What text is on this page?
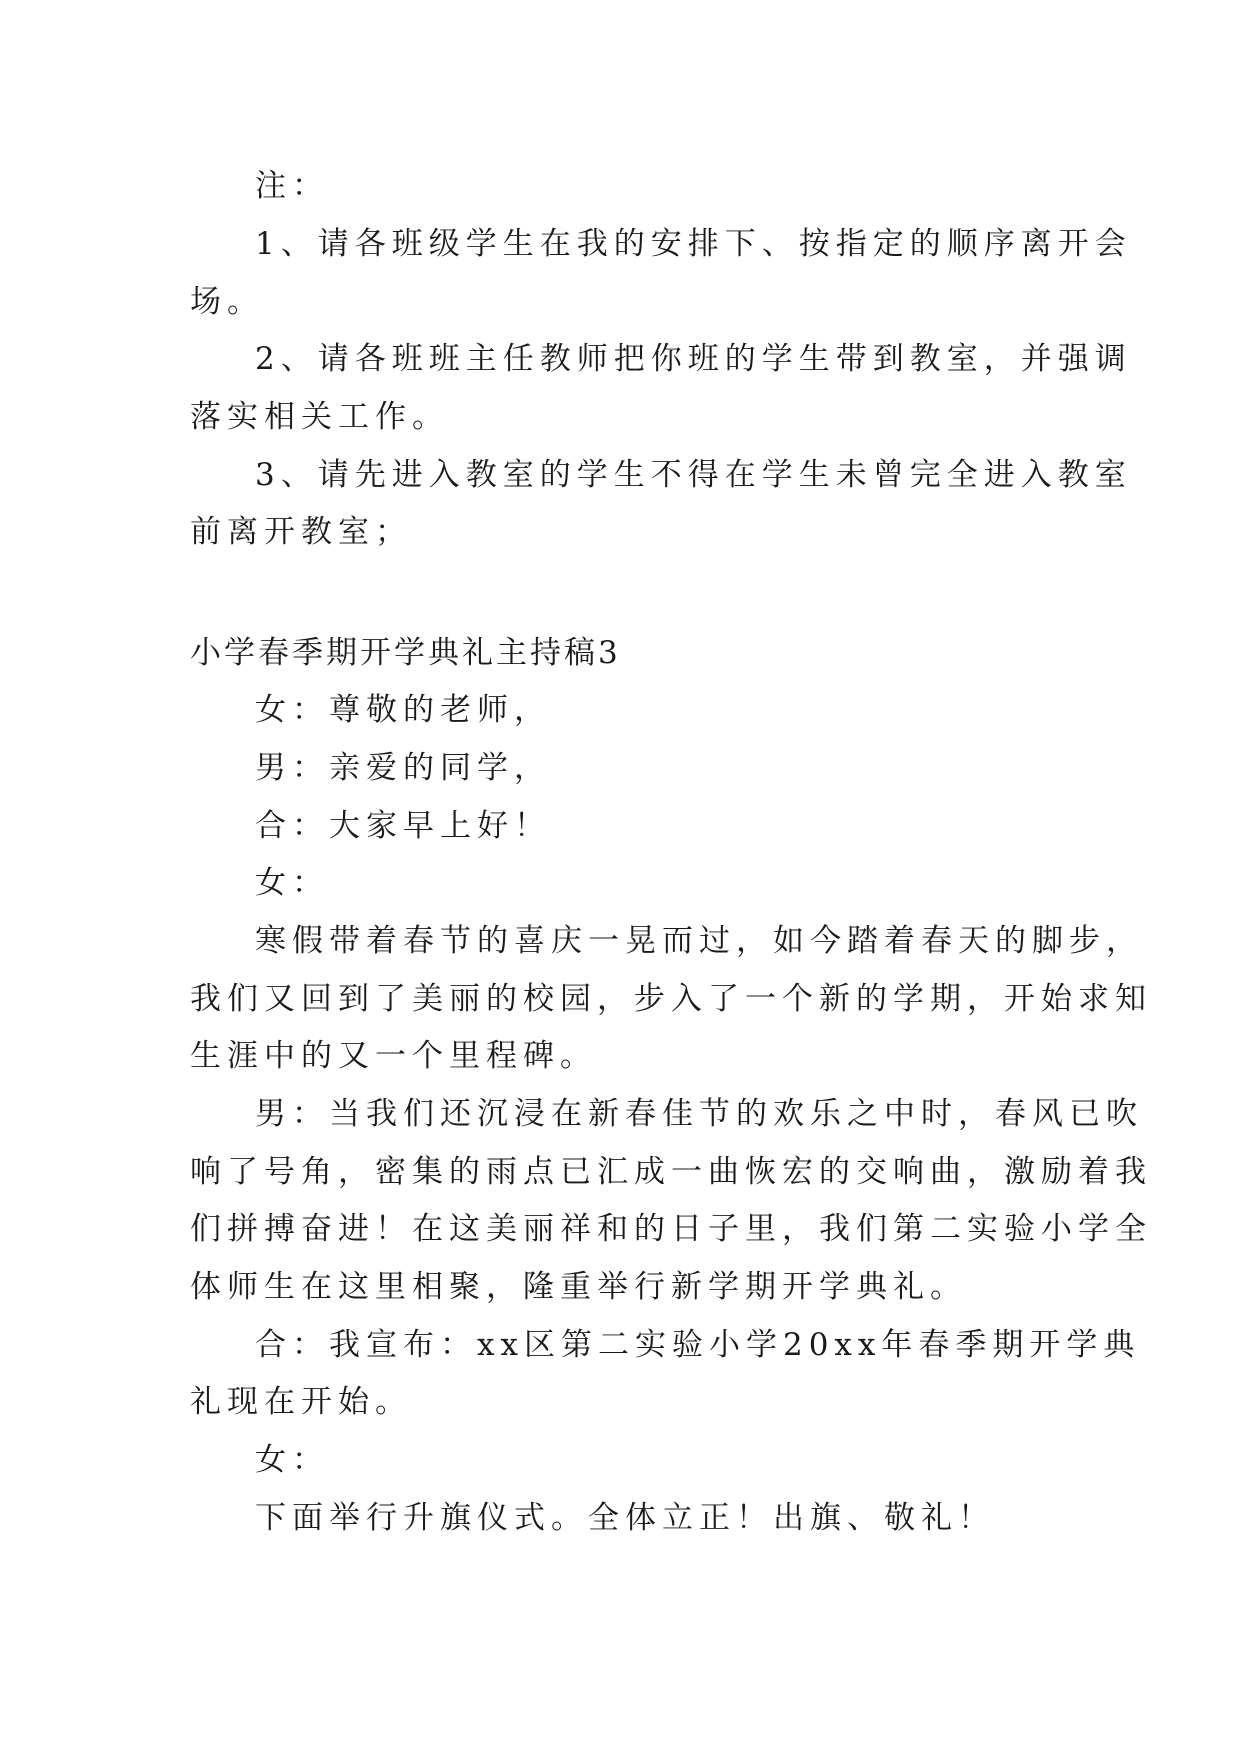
注：
1、请各班级学生在我的安排下、按指定的顺序离开会
场。
2、请各班班主任教师把你班的学生带到教室，并强调
落实相关工作。
3、请先进入教室的学生不得在学生未曾完全进入教室
前离开教室；
小学春季期开学典礼主持稿3
女：尊敬的老师，
男：亲爱的同学，
合：大家早上好！
女：
寒假带着春节的喜庆一晃而过，如今踏着春天的脚步，
我们又回到了美丽的校园，步入了一个新的学期，开始求知
生涯中的又一个里程碑。
男：当我们还沉浸在新春佳节的欢乐之中时，春风已吹
响了号角，密集的雨点已汇成一曲恢宏的交响曲，激励着我
们拼搏奋进！在这美丽祥和的日子里，我们第二实验小学全
体师生在这里相聚，隆重举行新学期开学典礼。
合：我宣布：xx区第二实验小学20xx年春季期开学典
礼现在开始。
女：
下面举行升旗仪式。全体立正！出旗、敬礼！
